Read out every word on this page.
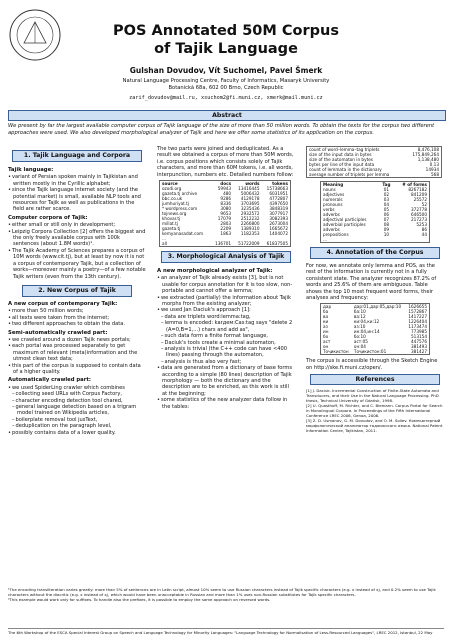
POS Annotated 50M Corpus
of Tajik Language
Gulshan Dovudov, Vít Suchomel, Pavel Šmerk
Natural Language Processing Centre, Faculty of Informatics, Masaryk University
Botanická 68a, 602 00 Brno, Czech Republic
zarif_dovudov@mail.ru, xsuchom2@fi.muni.cz, xmerk@mail.muni.cz
Abstract
We present by far the largest available computer corpus of Tajik language of the size of more than 50 million words. To obtain the texts for the corpus two different approaches were used. We also developed morphological analyzer of Tajik and here we offer some statistics of its application on the corpus.
1. Tajik Language and Corpora
Tajik language:
• variant of Persian spoken mainly in Tajikistan and written mostly in the Cyrillic alphabet;
• since the Tajik language internet society (and the potential market) is small, available NLP tools and resources for Tajik as well as publications in the field are rather scarce.
Computer corpora of Tajik:
• either small or still only in development;
• Leipzig Corpora Collection [2] offers the biggest and the only freely available corpus with 100k sentences (about 1.8M words)¹.
• The Tajik Academy of Sciences prepares a corpus of 10M words (www.cit.tj), but at least by now it is not a corpus of contemporary Tajik, but a collection of works—moreover mainly a poetry—of a few notable Tajik writers (even from the 13th century).
2. New Corpus of Tajik
A new corpus of contemporary Tajik:
• more than 50 million words;
• all texts were taken from the internet;
• two different approaches to obtain the data.
Semi-automatically crawled part:
• we crawled around a dozen Tajik news portals;
• each portal was processed separately to get maximum of relevant (meta)information and the utmost clean text data;
• this part of the corpus is supposed to contain data of a higher quality.
Automatically crawled part:
• we used SpiderLing crawler which combines
– collecting seed URLs with Corpus Factory,
– character encoding detection tool chared,
– general language detection based on a trigram model trained on Wikipedia articles,
– boilerplate removal tool jusText,
– deduplication on the paragraph level,
• possibly contains data of a lower quality.

The two parts were joined and deduplicated. As a result we obtained a corpus of more than 50M words, i.e. corpus positions which consists solely of Tajik characters, and more than 60M tokens, i.e. all words, interpunction, numbers etc. Detailed numbers follow:

source	docs	words	tokens
ozodi.org	59943	13416445	15738663
gazeta.tj archive	480	5006432	6031951
bbc.co.uk	9286	4129178	4772807
jumhuriyat.tj	8336	3703695	4397650
* wordpress.com	3080	3235436	3848319
tojnews.org	9653	2932572	3077917
khovar.tj	17079	2512232	3082393
millat.tj	2803	2266800	2673004
gazeta.tj	2209	1389310	1665672
kemyanasadat.com	1863	1182353	1404072
...			
all	136701	51722009	61837505
3. Morphological Analysis of Tajik
A new morphological analyzer of Tajik:
• an analyzer of Tajik already exists [3], but is not usable for corpus annotation for it is too slow, non-portable and cannot offer a lemma;
• we extracted (partially) the information about Tajik morphs from the existing analyzer;
• we used Jan Daciuk's approach [1]:
– data are triplets word:lemma:tag,
– lemma is encoded: karдем:Cas:tag says "delete 2 (A=0,B=1,...) chars and add as",
– such data form a finite format language,
– Daciuk's tools create a minimal automaton,
– analysis is trivial (the C++ code can have <400 lines) passing through the automaton,
– analysis is thus also very fast;
• data are generated from a dictionary of base forms according to a simple (80 lines) description of Tajik morphology — both the dictionary and the description are to be enriched, as this work is still at the beginning;
• some statistics of the new analyzer data follow in the tables:
count of word–lemma–tag triplets	8,476,108
size of the input data in bytes	175,849,264
size of the automaton in bytes	1,138,480
bytes per line of the input data	0.13
count of lemmata in the dictionary	14934
average number of triplets per lemma	568
Meaning	Tag	# of forms
nouns	01	8267182
adjectives	02	841209
numerals	03	25572
pronouns	04	52
verbs	05	372778
adverbs	06	646500
adjectival participles	07	217273
adverbial participles	08	5253
adverbs	09	86
prepositions	10	44
...		
4. Annotation of the Corpus

For now, we annotate only lemma and POS, as the rest of the information is currently not in a fully consistent state. The analyzer recognizes 87.2% of words and 25.6% of them are ambiguous. Table shows the top 10 most frequent word forms, their analyses and frequency:

дар	дар:01,дар:05,дар:10	1626655
ба	ба:10	1572867
ва	ва:12	1417227
ки	ки:04,ки:12	1226404
аз	аз:10	1173474
ин	ин:04,ин:14	773985
бо	бо:10	513154
аст	аст:05	447576
он	он:04	381493
Тоҷикистон	Тоҷикистон:01	381427

The corpus is accessible through the Sketch Engine on http://ske.fi.muni.cz/open/.

References
[1] J. Daciuk. Incremental Construction of Finite-State Automata and Transducers, and their Use in the Natural Language Processing. PhD thesis, Technical University of Gdańsk, 1998.
[2] U. Quasthoff, M. Richter, and C. Biemann. Corpus Portal for Search in Monolingual Corpora. In Proceedings of the Fifth International Conference LREC 2006, Genoa, 2006.
[3] Z. D. Usmanov, G. M. Dovudov, and O. M. Soliev. Компьютерный морфологический анализатор таджикского языка. National Patent Information Centre, Tajikistan, 2011.
¹The encoding transliteration varies greatly: more than 5% of sentences are in Latin script, almost 10% seem to use Russian characters instead of Tajik specific characters (e.g. х instead of ҳ), and 0.2% seem to use Tajik characters without the diacritic (e.g. х instead of ҳ), which would have been unacceptable in Russian and more than 1% uses non-Russian substitutes for Tajik specific characters.
²This example would work only for suffixes. To handle also the prefixes, it is possible to employ the same approach on reversed words.
The 6th Workshop of the ESCA Special Interest Group on Speech and Language Technology for Minority Languages: "Language Technology for Normalisation of Less-Resourced Languages", LREC 2012, Istanbul, 22 May
